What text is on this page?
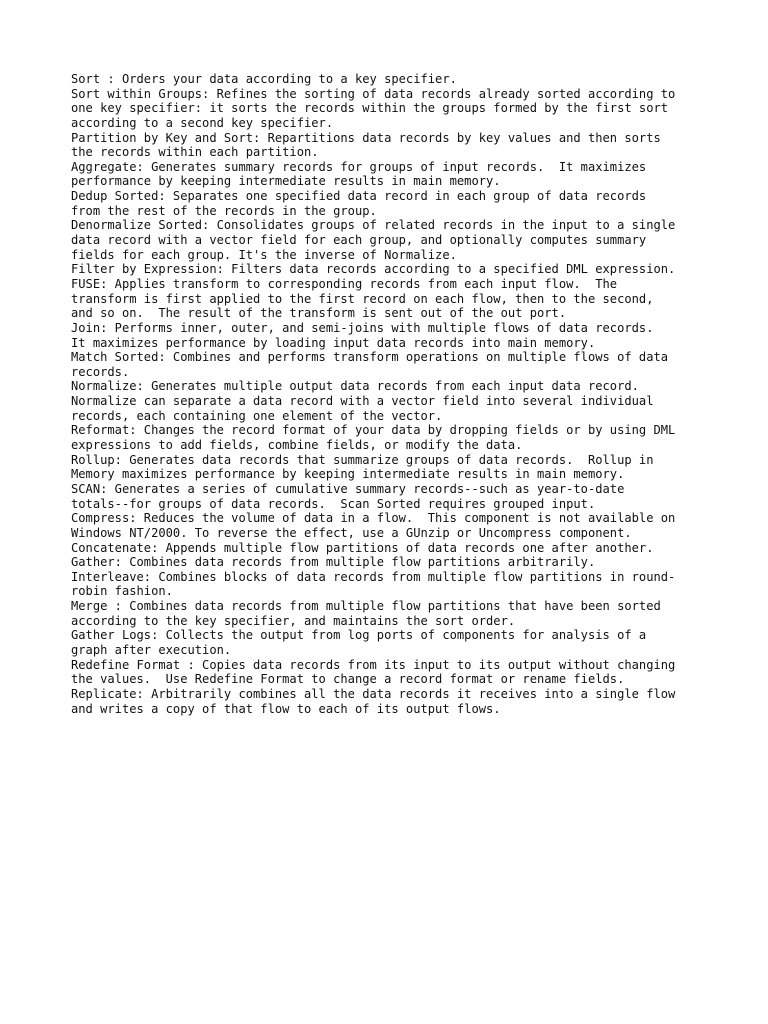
Sort : Orders your data according to a key specifier.
Sort within Groups: Refines the sorting of data records already sorted according to
one key specifier: it sorts the records within the groups formed by the first sort
according to a second key specifier.
Partition by Key and Sort: Repartitions data records by key values and then sorts
the records within each partition.
Aggregate: Generates summary records for groups of input records.  It maximizes
performance by keeping intermediate results in main memory.
Dedup Sorted: Separates one specified data record in each group of data records
from the rest of the records in the group.
Denormalize Sorted: Consolidates groups of related records in the input to a single
data record with a vector field for each group, and optionally computes summary
fields for each group. It's the inverse of Normalize.
Filter by Expression: Filters data records according to a specified DML expression.
FUSE: Applies transform to corresponding records from each input flow.  The
transform is first applied to the first record on each flow, then to the second,
and so on.  The result of the transform is sent out of the out port.
Join: Performs inner, outer, and semi-joins with multiple flows of data records.
It maximizes performance by loading input data records into main memory.
Match Sorted: Combines and performs transform operations on multiple flows of data
records.
Normalize: Generates multiple output data records from each input data record.
Normalize can separate a data record with a vector field into several individual
records, each containing one element of the vector.
Reformat: Changes the record format of your data by dropping fields or by using DML
expressions to add fields, combine fields, or modify the data.
Rollup: Generates data records that summarize groups of data records.  Rollup in
Memory maximizes performance by keeping intermediate results in main memory.
SCAN: Generates a series of cumulative summary records--such as year-to-date
totals--for groups of data records.  Scan Sorted requires grouped input.
Compress: Reduces the volume of data in a flow.  This component is not available on
Windows NT/2000. To reverse the effect, use a GUnzip or Uncompress component.
Concatenate: Appends multiple flow partitions of data records one after another.
Gather: Combines data records from multiple flow partitions arbitrarily.
Interleave: Combines blocks of data records from multiple flow partitions in round-
robin fashion.
Merge : Combines data records from multiple flow partitions that have been sorted
according to the key specifier, and maintains the sort order.
Gather Logs: Collects the output from log ports of components for analysis of a
graph after execution.
Redefine Format : Copies data records from its input to its output without changing
the values.  Use Redefine Format to change a record format or rename fields.
Replicate: Arbitrarily combines all the data records it receives into a single flow
and writes a copy of that flow to each of its output flows.
